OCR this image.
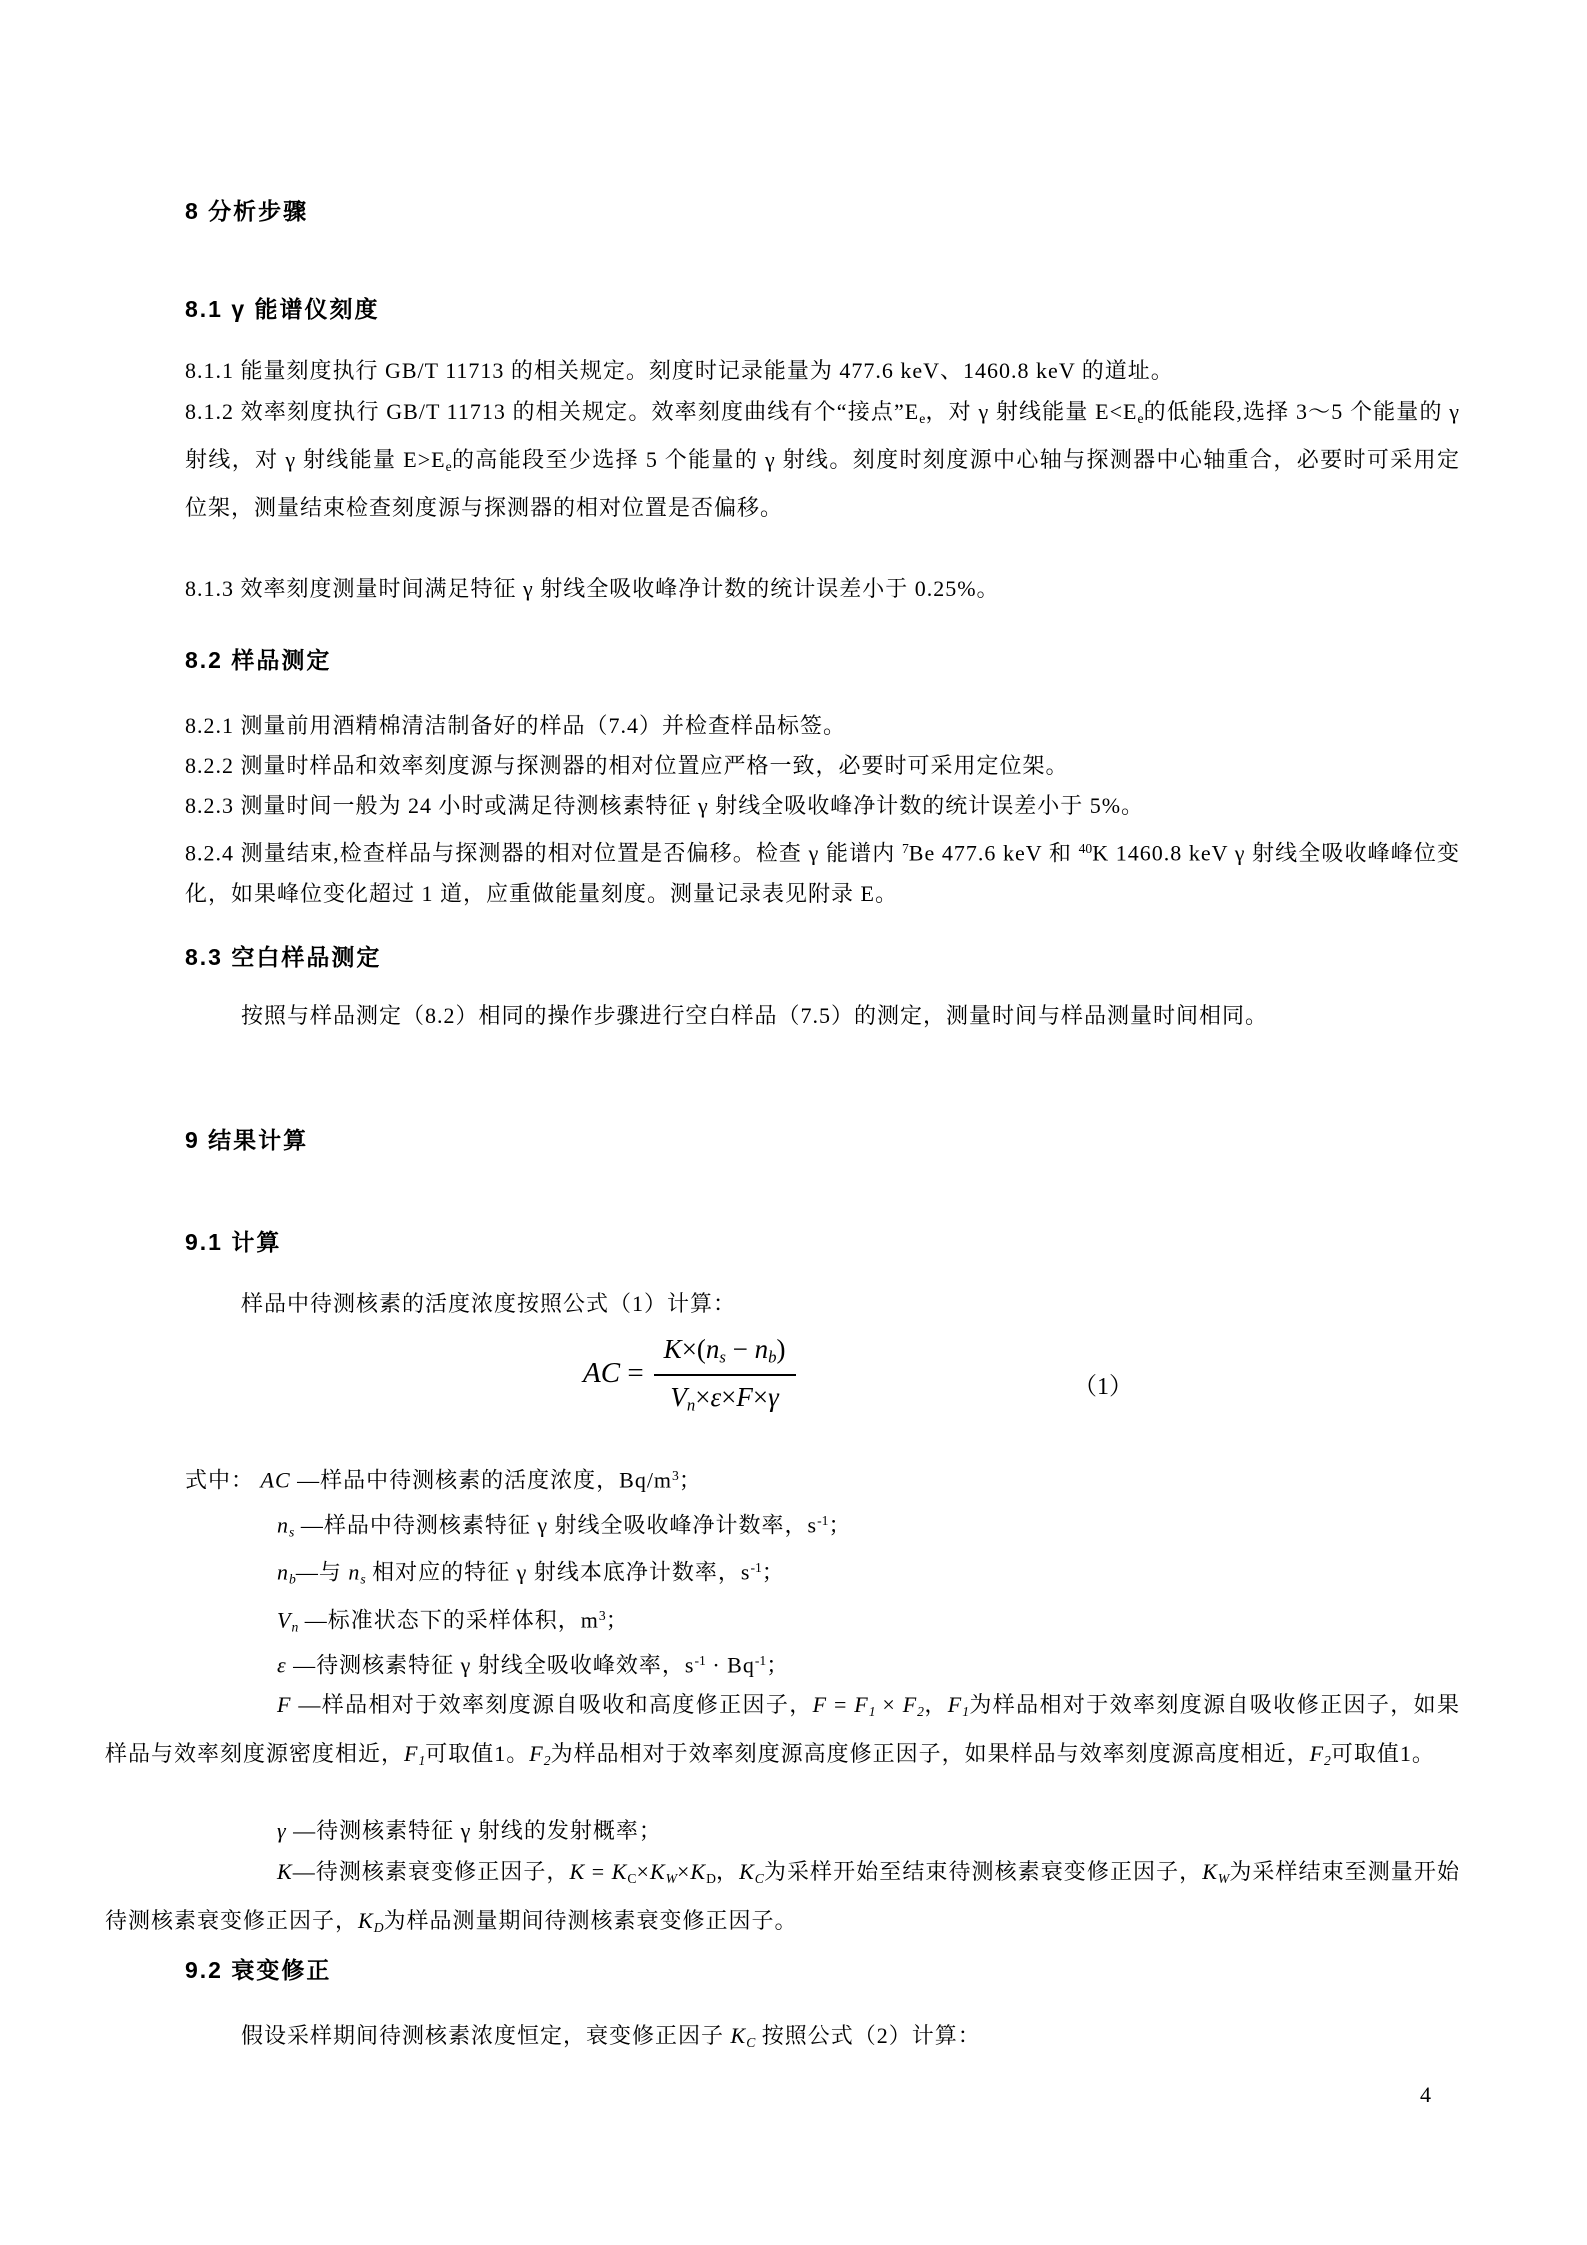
8 分析步骤
8.1 γ 能谱仪刻度
8.1.1 能量刻度执行 GB/T 11713 的相关规定。刻度时记录能量为 477.6 keV、1460.8 keV 的道址。
8.1.2 效率刻度执行 GB/T 11713 的相关规定。效率刻度曲线有个“接点”Ee，对 γ 射线能量 E<Ee的低能段,选择 3～5 个能量的 γ 射线，对 γ 射线能量 E>Ee的高能段至少选择 5 个能量的 γ 射线。刻度时刻度源中心轴与探测器中心轴重合，必要时可采用定位架，测量结束检查刻度源与探测器的相对位置是否偏移。
8.1.3 效率刻度测量时间满足特征 γ 射线全吸收峰净计数的统计误差小于 0.25%。
8.2 样品测定
8.2.1 测量前用酒精棉清洁制备好的样品（7.4）并检查样品标签。
8.2.2 测量时样品和效率刻度源与探测器的相对位置应严格一致，必要时可采用定位架。
8.2.3 测量时间一般为 24 小时或满足待测核素特征 γ 射线全吸收峰净计数的统计误差小于 5%。
8.2.4 测量结束,检查样品与探测器的相对位置是否偏移。检查 γ 能谱内 $^7$Be 477.6 keV 和 $^{40}$K 1460.8 keV γ 射线全吸收峰峰位变化，如果峰位变化超过 1 道，应重做能量刻度。测量记录表见附录 E。
8.3 空白样品测定
按照与样品测定（8.2）相同的操作步骤进行空白样品（7.5）的测定，测量时间与样品测量时间相同。
9 结果计算
9.1 计算
样品中待测核素的活度浓度按照公式（1）计算：
AC = $\frac{K\times(ns - nb)}{Vn\times\varepsilon\times F\times\gamma}$	（1）
式中： AC —样品中待测核素的活度浓度，$Bq/m^3$；
ns —样品中待测核素特征 γ 射线全吸收峰净计数率，$s^{-1}$；
nb—与 ns 相对应的特征 γ 射线本底净计数率，$s^{-1}$；
Vn —标准状态下的采样体积，$m^3$；
ε —待测核素特征 γ 射线全吸收峰效率，$s^{-1} \cdot Bq^{-1}$；
F —样品相对于效率刻度源自吸收和高度修正因子，F = F1 × F2，F1为样品相对于效率刻度源自吸收修正因子，如果样品与效率刻度源密度相近，F1可取值1。F2为样品相对于效率刻度源高度修正因子，如果样品与效率刻度源高度相近，F2可取值1。
γ —待测核素特征 γ 射线的发射概率；
K—待测核素衰变修正因子，K = KC×KW×KD，KC为采样开始至结束待测核素衰变修正因子，KW为采样结束至测量开始待测核素衰变修正因子，KD为样品测量期间待测核素衰变修正因子。
9.2 衰变修正
假设采样期间待测核素浓度恒定，衰变修正因子 KC 按照公式（2）计算：
4
